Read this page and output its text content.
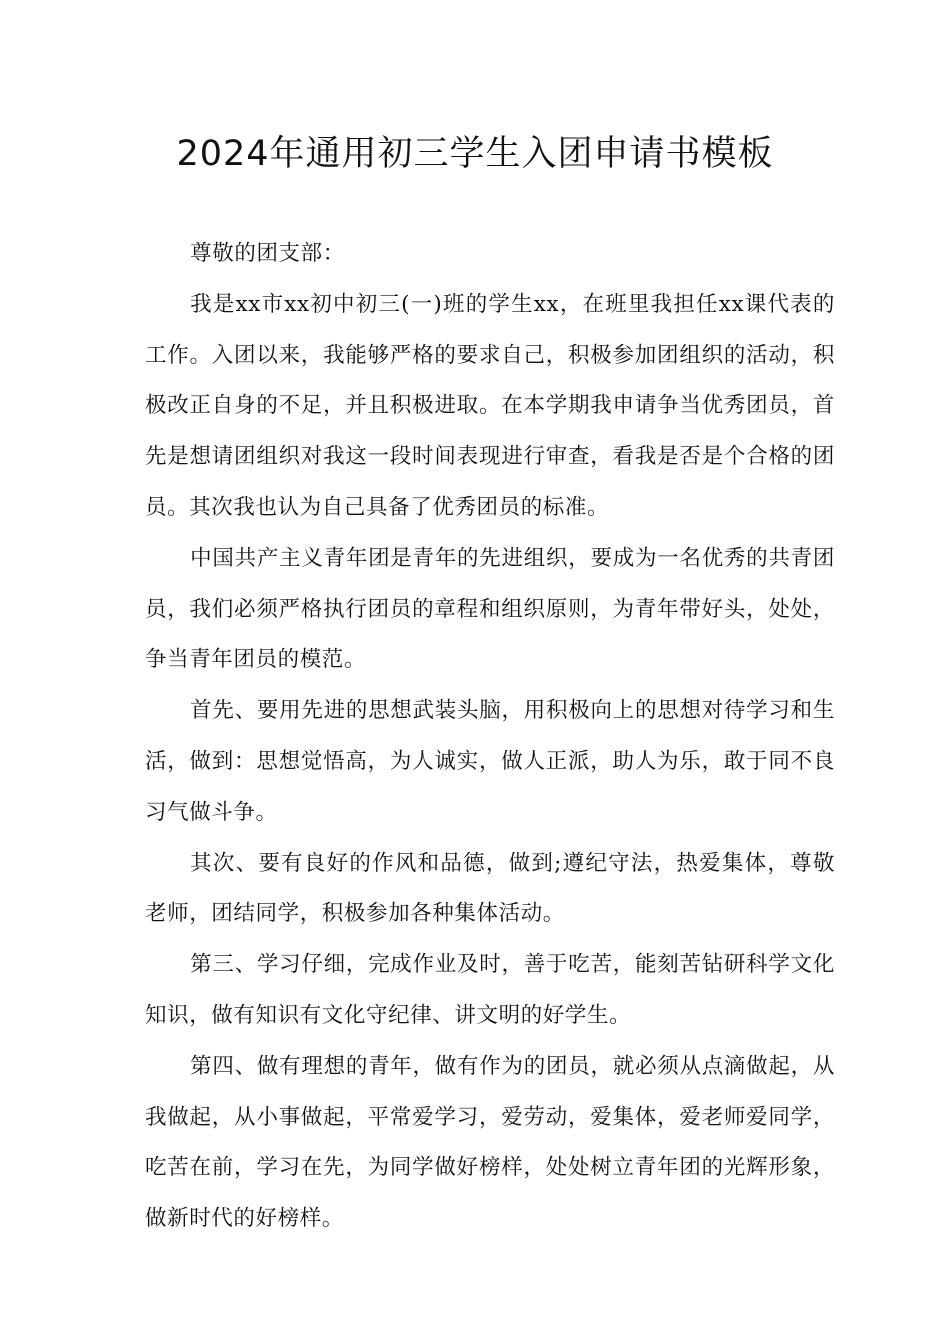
2024年通用初三学生入团申请书模板

尊敬的团支部：

我是xx市xx初中初三(一)班的学生xx，在班里我担任xx课代表的工作。入团以来，我能够严格的要求自己，积极参加团组织的活动，积极改正自身的不足，并且积极进取。在本学期我申请争当优秀团员，首先是想请团组织对我这一段时间表现进行审查，看我是否是个合格的团员。其次我也认为自己具备了优秀团员的标准。

中国共产主义青年团是青年的先进组织，要成为一名优秀的共青团员，我们必须严格执行团员的章程和组织原则，为青年带好头，处处，争当青年团员的模范。

首先、要用先进的思想武装头脑，用积极向上的思想对待学习和生活，做到：思想觉悟高，为人诚实，做人正派，助人为乐，敢于同不良习气做斗争。

其次、要有良好的作风和品德，做到;遵纪守法，热爱集体，尊敬老师，团结同学，积极参加各种集体活动。

第三、学习仔细，完成作业及时，善于吃苦，能刻苦钻研科学文化知识，做有知识有文化守纪律、讲文明的好学生。

第四、做有理想的青年，做有作为的团员，就必须从点滴做起，从我做起，从小事做起，平常爱学习，爱劳动，爱集体，爱老师爱同学，吃苦在前，学习在先，为同学做好榜样，处处树立青年团的光辉形象，做新时代的好榜样。
